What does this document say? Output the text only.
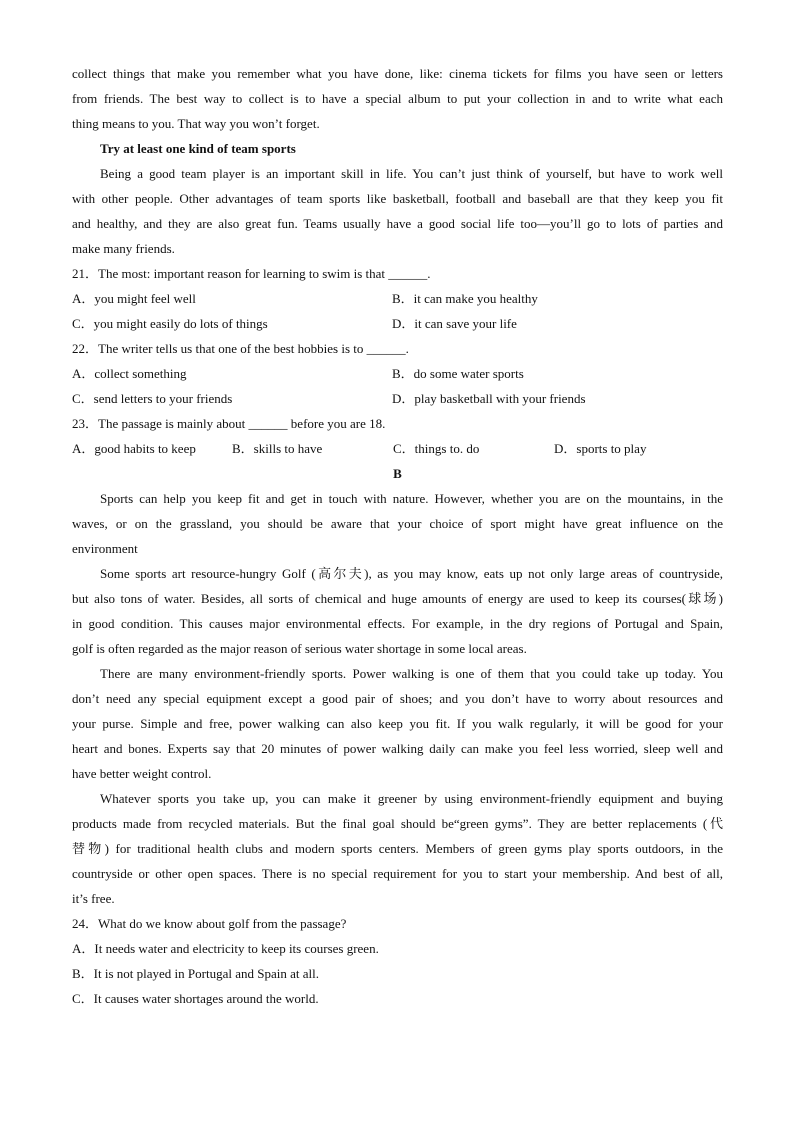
collect things that make you remember what you have done, like: cinema tickets for films you have seen or letters
from friends. The best way to collect is to have a special album to put your collection in and to write what each
thing means to you. That way you won’t forget.
Try at least one kind of team sports
Being a good team player is an important skill in life. You can’t just think of yourself, but have to work well
with other people. Other advantages of team sports like basketball, football and baseball are that they keep you fit
and healthy, and they are also great fun. Teams usually have a good social life too—you’ll go to lots of parties and
make many friends.
21．The most: important reason for learning to swim is that ______.
A．you might feel well	B．it can make you healthy
C．you might easily do lots of things	D．it can save your life
22．The writer tells us that one of the best hobbies is to ______.
A．collect something	B．do some water sports
C．send letters to your friends	D．play basketball with your friends
23．The passage is mainly about ______ before you are 18.
A．good habits to keep	B．skills to have	C．things to. do	D．sports to play
B
Sports can help you keep fit and get in touch with nature. However, whether you are on the mountains, in the
waves, or on the grassland, you should be aware that your choice of sport might have great influence on the
environment
Some sports art resource-hungry Golf (高尔夫), as you may know, eats up not only large areas of countryside,
but also tons of water. Besides, all sorts of chemical and huge amounts of energy are used to keep its courses(球场)
in good condition. This causes major environmental effects. For example, in the dry regions of Portugal and Spain,
golf is often regarded as the major reason of serious water shortage in some local areas.
There are many environment-friendly sports. Power walking is one of them that you could take up today. You
don’t need any special equipment except a good pair of shoes; and you don’t have to worry about resources and
your purse. Simple and free, power walking can also keep you fit. If you walk regularly, it will be good for your
heart and bones. Experts say that 20 minutes of power walking daily can make you feel less worried, sleep well and
have better weight control.
Whatever sports you take up, you can make it greener by using environment-friendly equipment and buying
products made from recycled materials. But the final goal should be“green gyms”. They are better replacements (代
替物) for traditional health clubs and modern sports centers. Members of green gyms play sports outdoors, in the
countryside or other open spaces. There is no special requirement for you to start your membership. And best of all,
it’s free.
24．What do we know about golf from the passage?
A．It needs water and electricity to keep its courses green.
B．It is not played in Portugal and Spain at all.
C．It causes water shortages around the world.
